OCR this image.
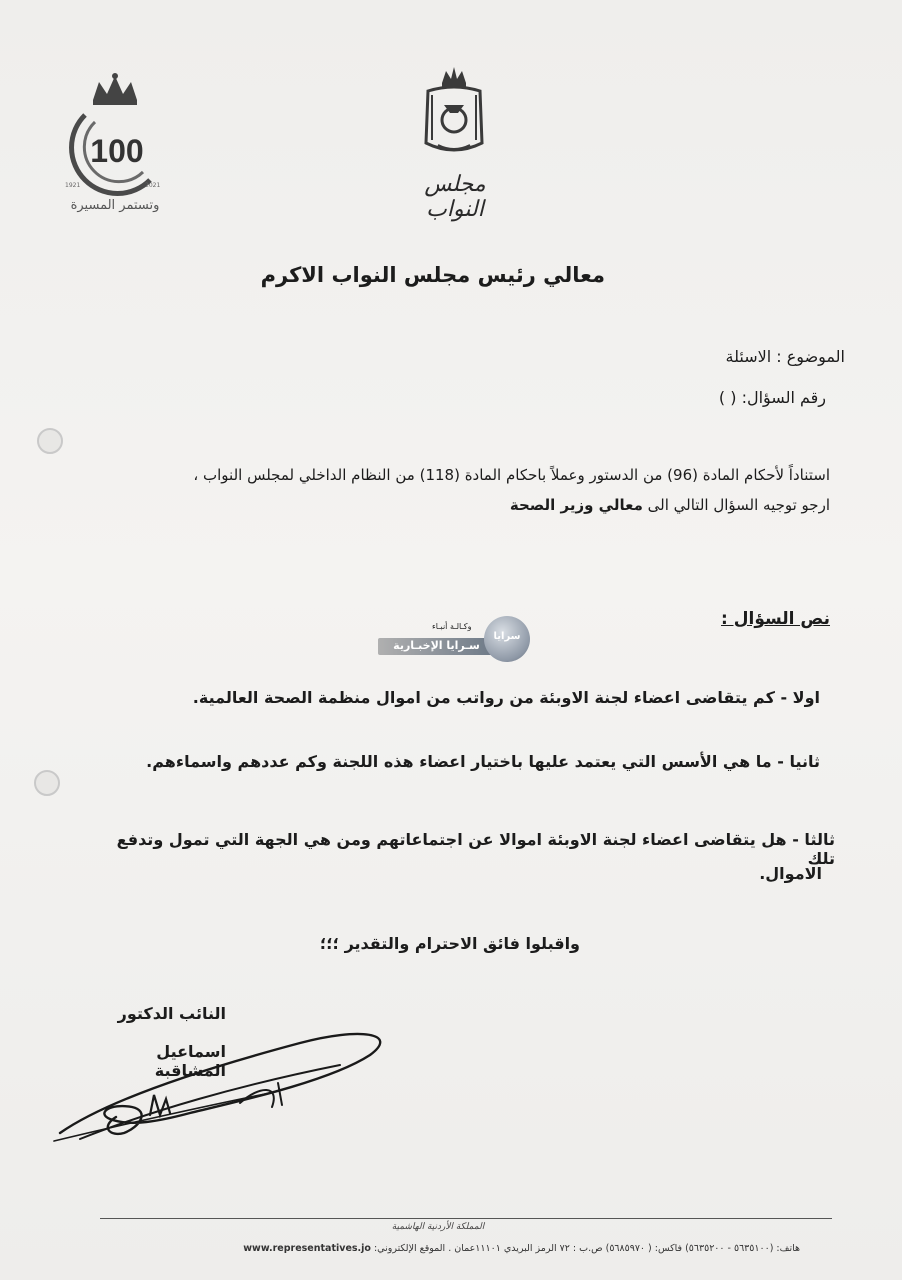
100
1921	2021
وتستمر المسيرة
مجلس النواب
معالي رئيس مجلس النواب الاكرم
الموضوع : الاسئلة
رقم السؤال: ( )
استناداً لأحكام المادة (96) من الدستور وعملاً باحكام المادة (118) من النظام الداخلي لمجلس النواب ،
ارجو توجيه السؤال التالي الى معالي وزير الصحة
نص السؤال :
وكـالـة أنبـاء
سـرايا الإخبـارية
سرايا
اولا - كم يتقاضى اعضاء لجنة الاوبئة من رواتب من اموال منظمة الصحة العالمية.
ثانيا - ما هي الأسس التي يعتمد عليها باختيار اعضاء هذه اللجنة وكم عددهم واسماءهم.
ثالثا - هل يتقاضى اعضاء لجنة الاوبئة اموالا عن اجتماعاتهم ومن هي الجهة التي تمول وتدفع تلك
الاموال.
واقبلوا فائق الاحترام والتقدير ؛؛؛
النائب الدكتور
اسماعيل المشاقبة
المملكة الأردنية الهاشمية
هاتف: (٥٦٣٥١٠٠ - ٥٦٣٥٢٠٠) فاكس: ( ٥٦٨٥٩٧٠) ص.ب : ٧٢ الرمز البريدي ١١١٠١عمان . الموقع الإلكتروني: www.representatives.jo
